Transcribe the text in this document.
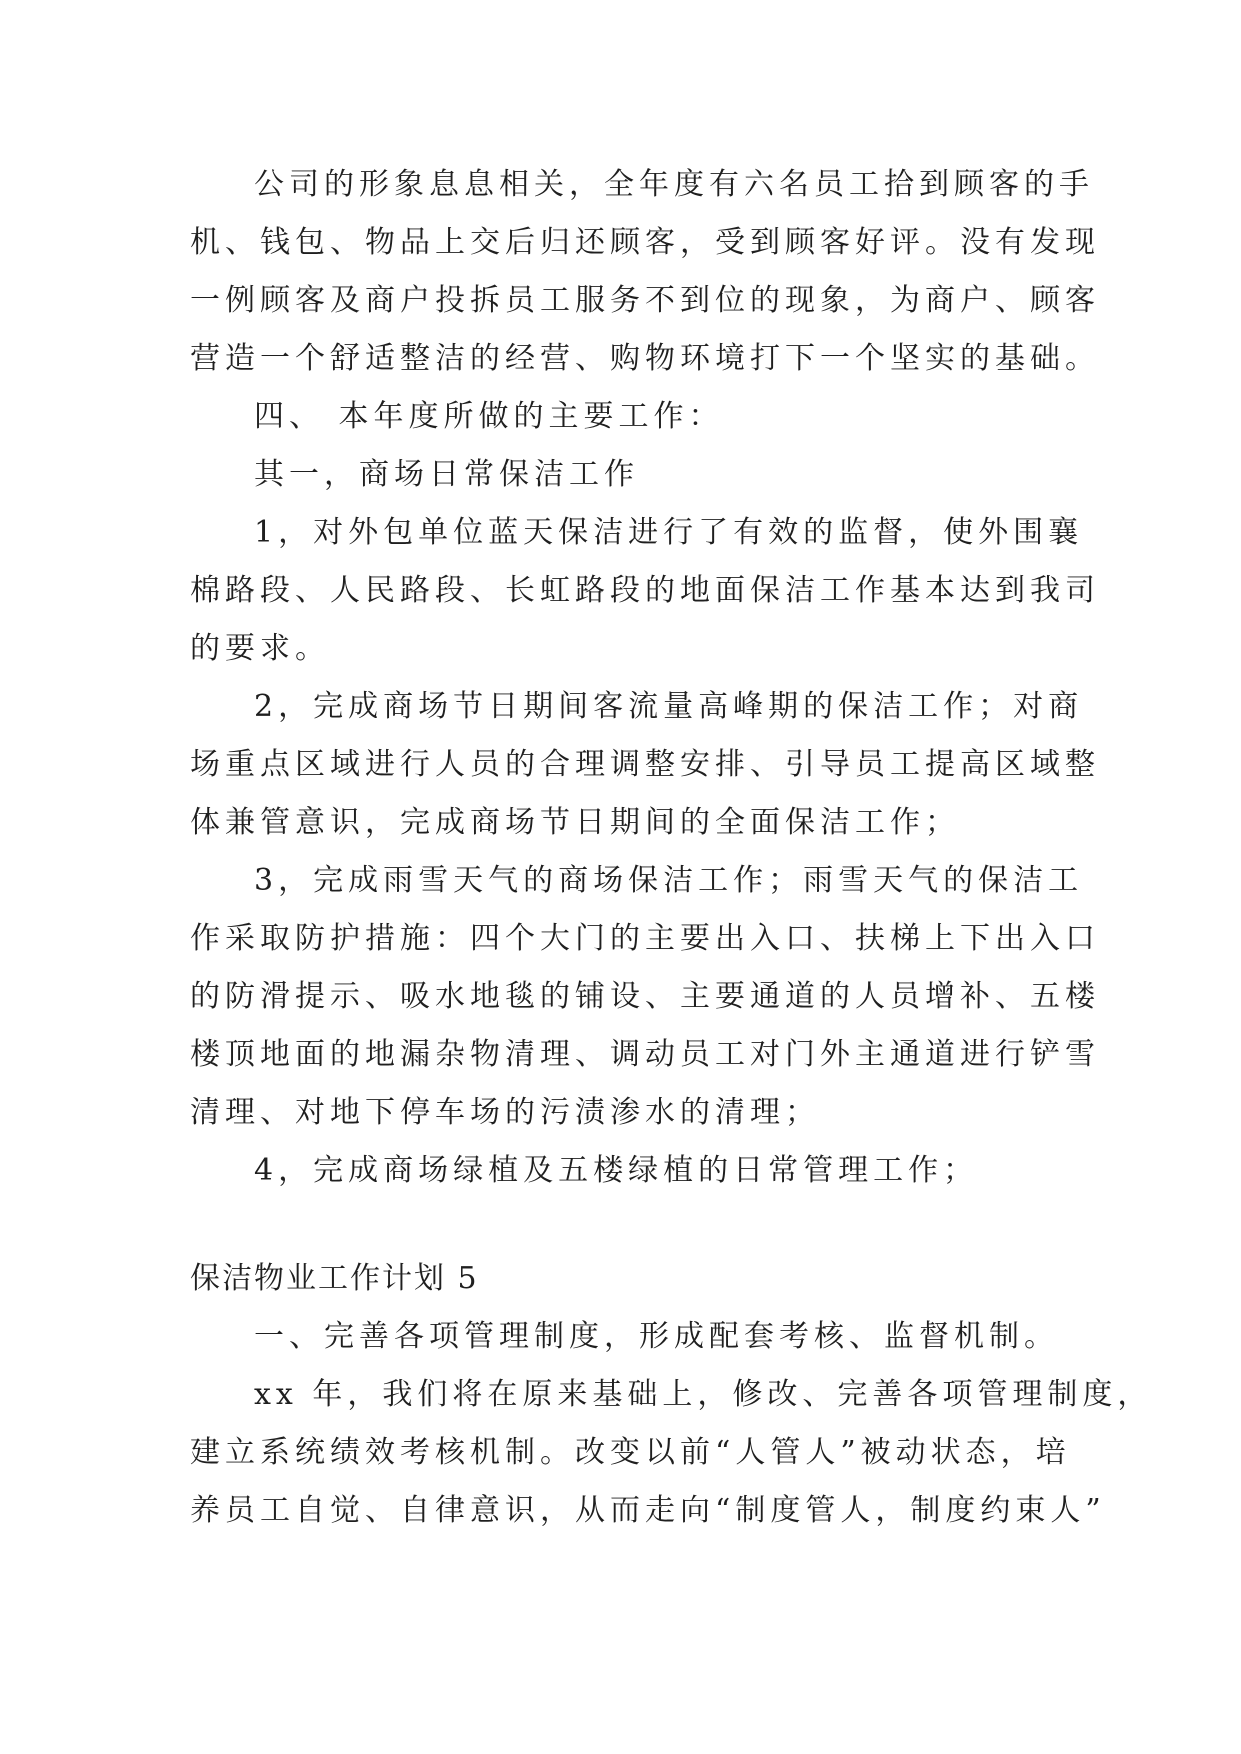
公司的形象息息相关，全年度有六名员工拾到顾客的手
机、钱包、物品上交后归还顾客，受到顾客好评。没有发现
一例顾客及商户投拆员工服务不到位的现象，为商户、顾客
营造一个舒适整洁的经营、购物环境打下一个坚实的基础。
四、 本年度所做的主要工作：
其一，商场日常保洁工作
1，对外包单位蓝天保洁进行了有效的监督，使外围襄
棉路段、人民路段、长虹路段的地面保洁工作基本达到我司
的要求。
2，完成商场节日期间客流量高峰期的保洁工作；对商
场重点区域进行人员的合理调整安排、引导员工提高区域整
体兼管意识，完成商场节日期间的全面保洁工作；
3，完成雨雪天气的商场保洁工作；雨雪天气的保洁工
作采取防护措施：四个大门的主要出入口、扶梯上下出入口
的防滑提示、吸水地毯的铺设、主要通道的人员增补、五楼
楼顶地面的地漏杂物清理、调动员工对门外主通道进行铲雪
清理、对地下停车场的污渍渗水的清理；
4，完成商场绿植及五楼绿植的日常管理工作；
保洁物业工作计划 5
一、完善各项管理制度，形成配套考核、监督机制。
xx 年，我们将在原来基础上，修改、完善各项管理制度，
建立系统绩效考核机制。改变以前“人管人”被动状态，培
养员工自觉、自律意识，从而走向“制度管人，制度约束人”
